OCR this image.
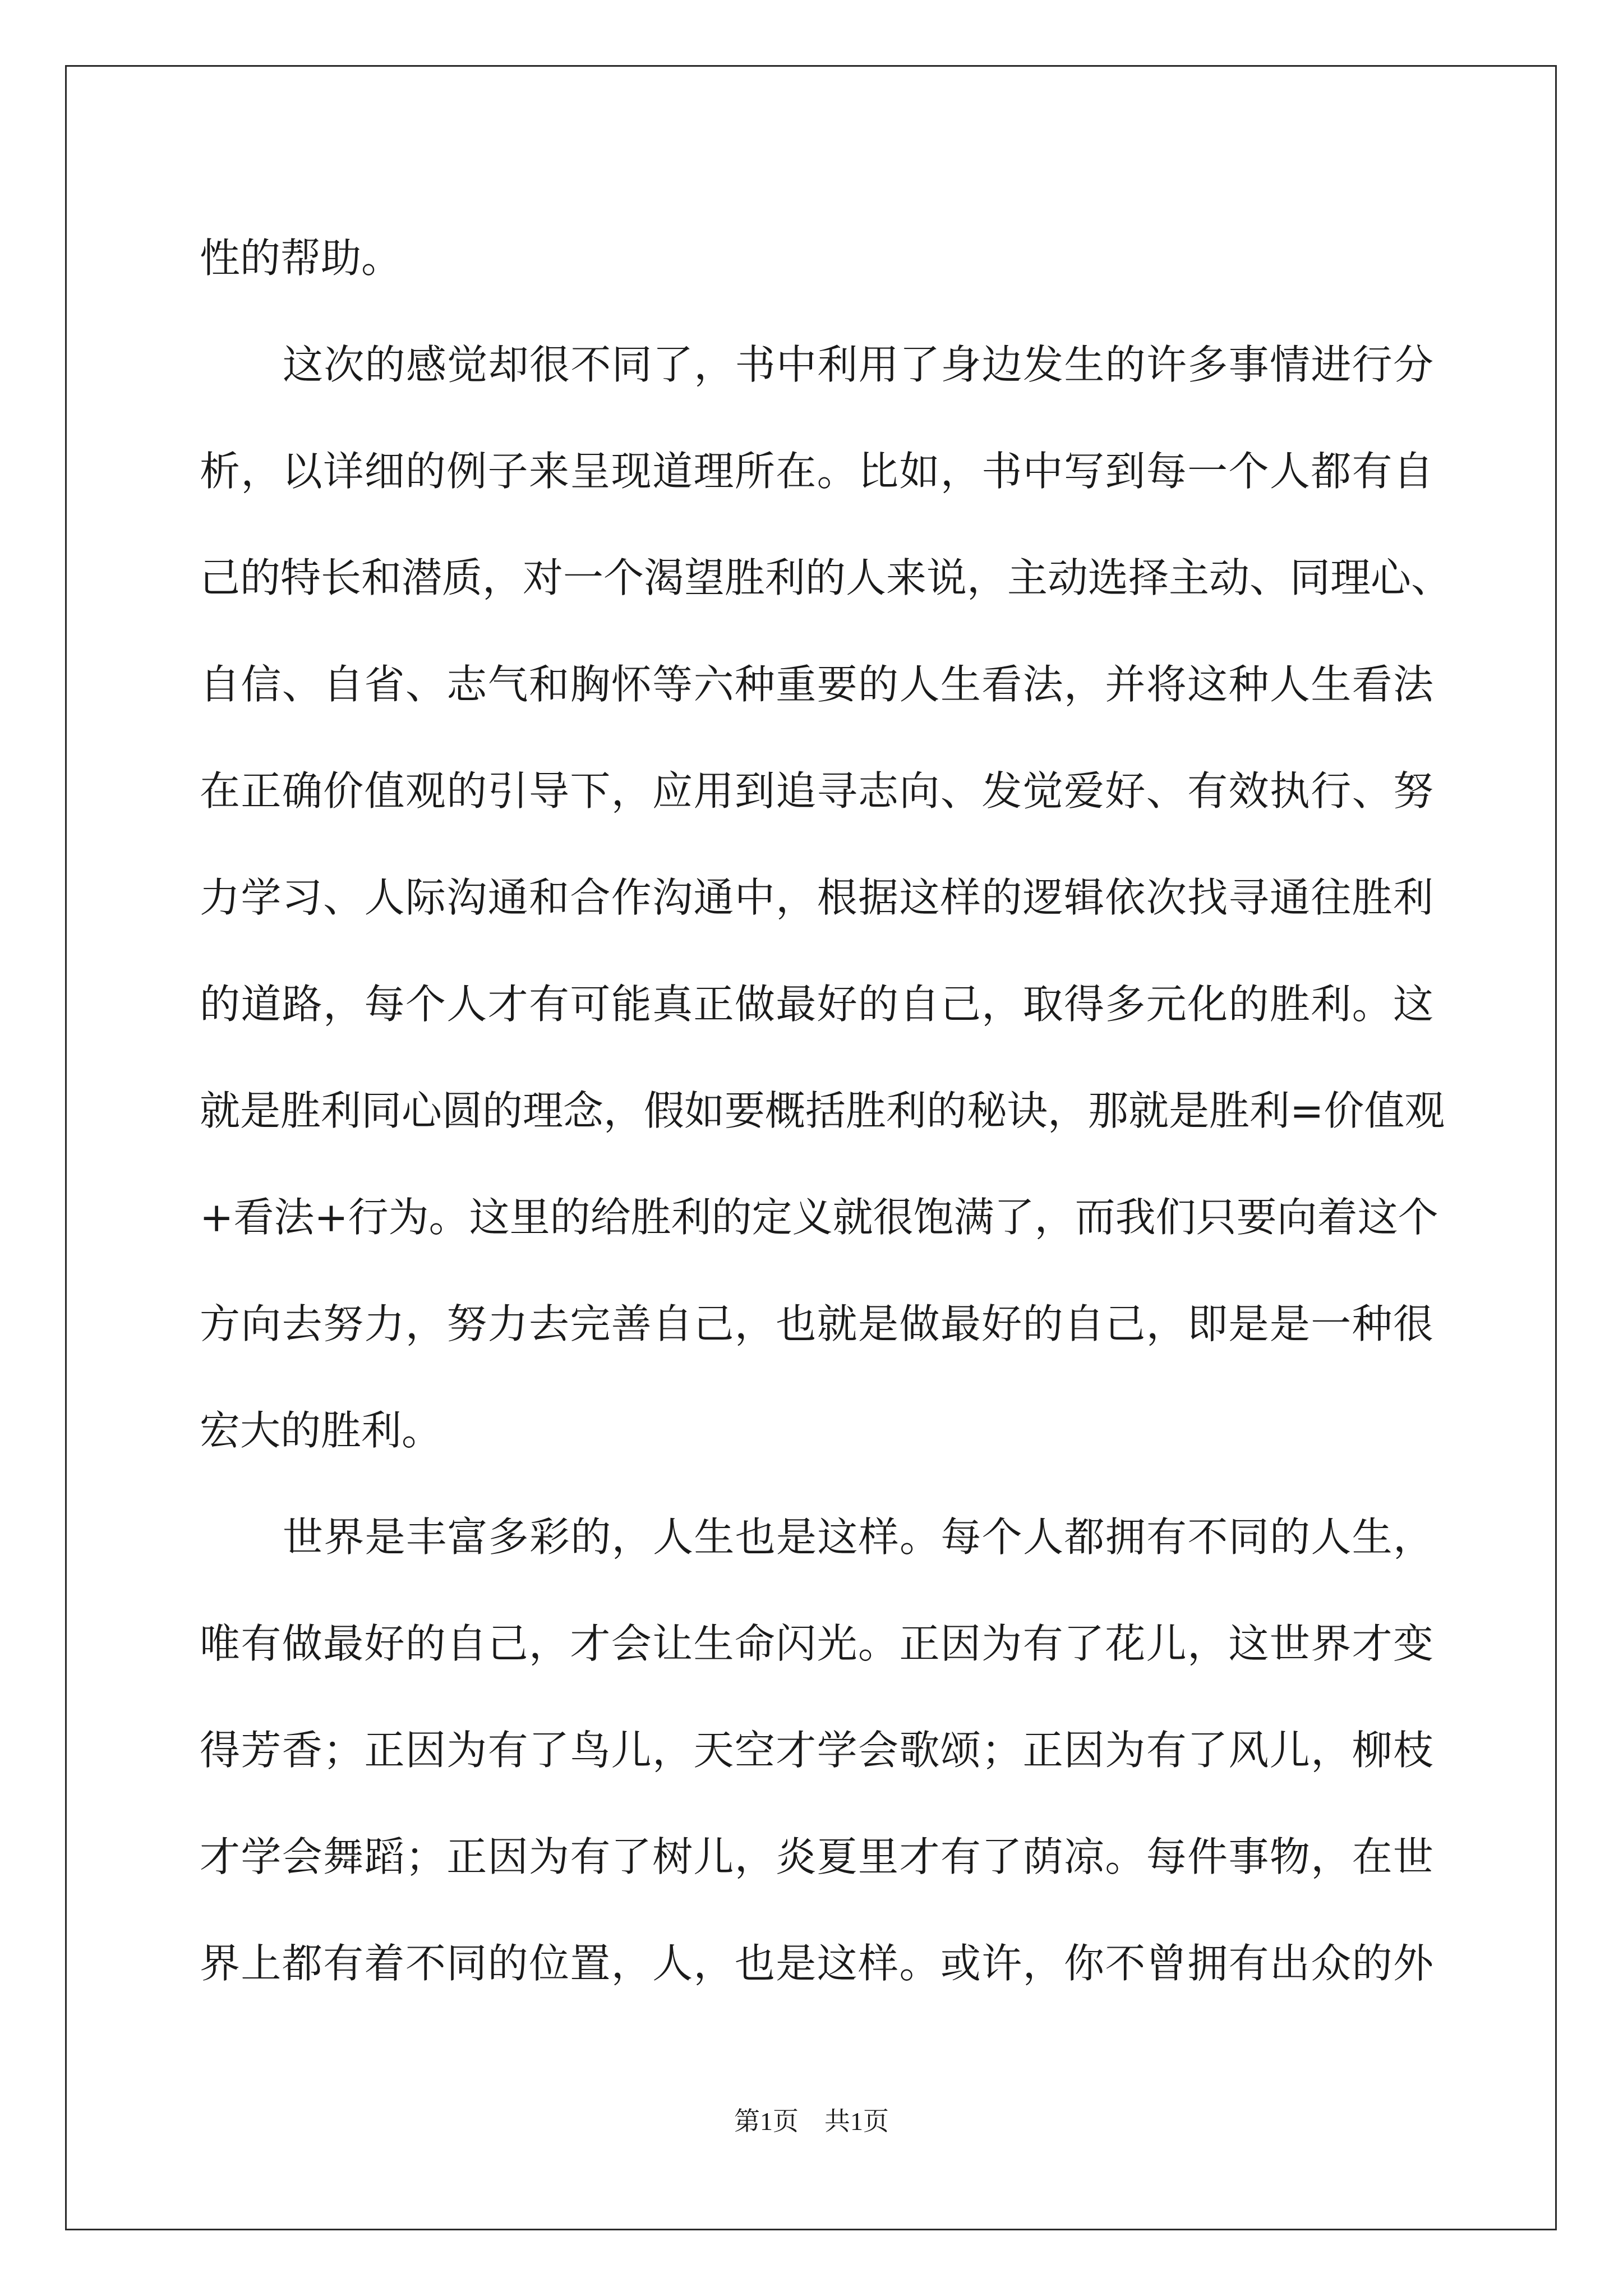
性的帮助。
这次的感觉却很不同了，书中利用了身边发生的许多事情进行分
析，以详细的例子来呈现道理所在。比如，书中写到每一个人都有自
己的特长和潜质，对一个渴望胜利的人来说，主动选择主动、同理心、
自信、自省、志气和胸怀等六种重要的人生看法，并将这种人生看法
在正确价值观的引导下，应用到追寻志向、发觉爱好、有效执行、努
力学习、人际沟通和合作沟通中，根据这样的逻辑依次找寻通往胜利
的道路，每个人才有可能真正做最好的自己，取得多元化的胜利。这
就是胜利同心圆的理念，假如要概括胜利的秘诀，那就是胜利=价值观
+看法+行为。这里的给胜利的定义就很饱满了，而我们只要向着这个
方向去努力，努力去完善自己，也就是做最好的自己，即是是一种很
宏大的胜利。
世界是丰富多彩的，人生也是这样。每个人都拥有不同的人生，
唯有做最好的自己，才会让生命闪光。正因为有了花儿，这世界才变
得芳香；正因为有了鸟儿，天空才学会歌颂；正因为有了风儿，柳枝
才学会舞蹈；正因为有了树儿，炎夏里才有了荫凉。每件事物，在世
界上都有着不同的位置，人，也是这样。或许，你不曾拥有出众的外
第1页 共1页
